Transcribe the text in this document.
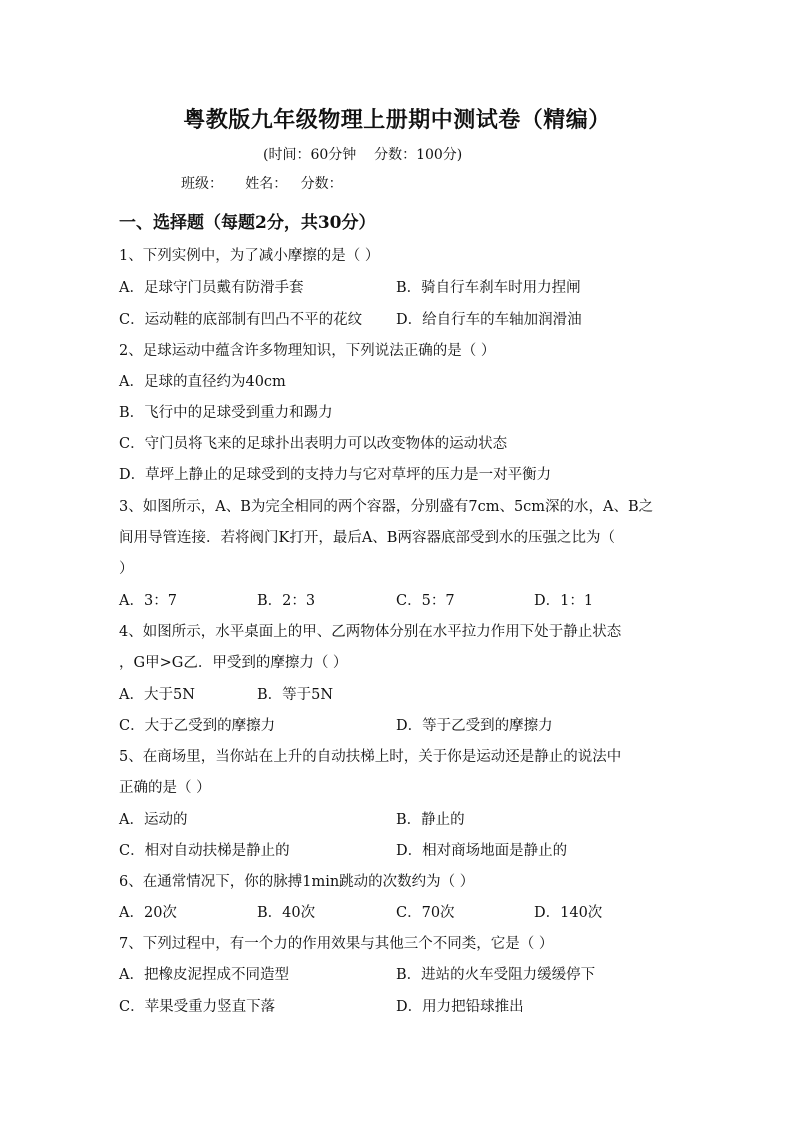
粤教版九年级物理上册期中测试卷（精编）
(时间：60分钟    分数：100分)
班级：     姓名：   分数：
一、选择题（每题2分，共30分）
1、下列实例中，为了减小摩擦的是（ ）
A．足球守门员戴有防滑手套	B．骑自行车刹车时用力捏闸
C．运动鞋的底部制有凹凸不平的花纹 D．给自行车的车轴加润滑油
2、足球运动中蕴含许多物理知识，下列说法正确的是（ ）
A．足球的直径约为40cm
B．飞行中的足球受到重力和踢力
C．守门员将飞来的足球扑出表明力可以改变物体的运动状态
D．草坪上静止的足球受到的支持力与它对草坪的压力是一对平衡力
3、如图所示，A、B为完全相同的两个容器，分别盛有7cm、5cm深的水，A、B之
间用导管连接．若将阀门K打开，最后A、B两容器底部受到水的压强之比为（
）
A．3：7	B．2：3	C．5：7	D．1：1
4、如图所示，水平桌面上的甲、乙两物体分别在水平拉力作用下处于静止状态
，G甲>G乙．甲受到的摩擦力（ ）
A．大于5N	B．等于5N
C．大于乙受到的摩擦力	D．等于乙受到的摩擦力
5、在商场里，当你站在上升的自动扶梯上时，关于你是运动还是静止的说法中
正确的是（ ）
A．运动的	B．静止的
C．相对自动扶梯是静止的	D．相对商场地面是静止的
6、在通常情况下，你的脉搏1min跳动的次数约为（ ）
A．20次	B．40次	C．70次	D．140次
7、下列过程中，有一个力的作用效果与其他三个不同类，它是（ ）
A．把橡皮泥捏成不同造型	B．进站的火车受阻力缓缓停下
C．苹果受重力竖直下落	D．用力把铅球推出
